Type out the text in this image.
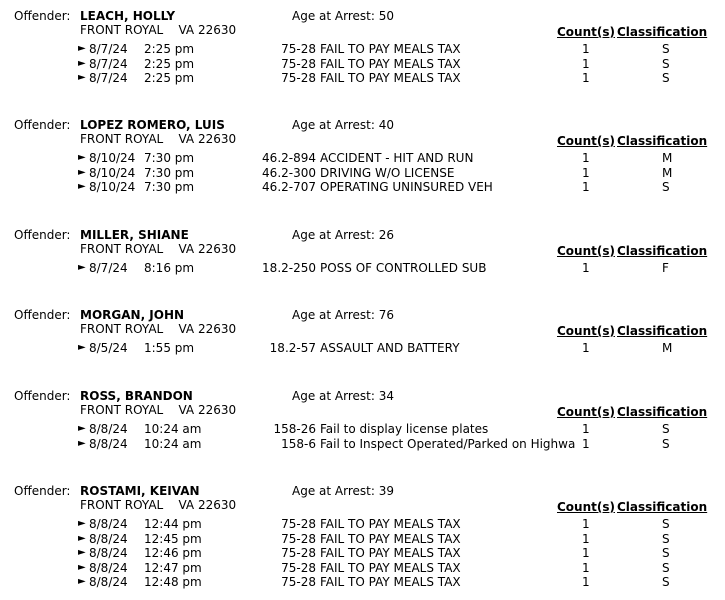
Offender: LEACH, HOLLY	Age at Arrest: 50
FRONT ROYAL    VA 22630	Count(s) Classification
► 8/7/24 2:25 pm	75-28 FAIL TO PAY MEALS TAX	1	S
► 8/7/24 2:25 pm	75-28 FAIL TO PAY MEALS TAX	1	S
► 8/7/24 2:25 pm	75-28 FAIL TO PAY MEALS TAX	1	S
Offender: LOPEZ ROMERO, LUIS	Age at Arrest: 40
FRONT ROYAL    VA 22630	Count(s) Classification
► 8/10/24 7:30 pm	46.2-894 ACCIDENT - HIT AND RUN	1	M
► 8/10/24 7:30 pm	46.2-300 DRIVING W/O LICENSE	1	M
► 8/10/24 7:30 pm	46.2-707 OPERATING UNINSURED VEH	1	S
Offender: MILLER, SHIANE	Age at Arrest: 26
FRONT ROYAL    VA 22630	Count(s) Classification
► 8/7/24 8:16 pm	18.2-250 POSS OF CONTROLLED SUB	1	F
Offender: MORGAN, JOHN	Age at Arrest: 76
FRONT ROYAL    VA 22630	Count(s) Classification
► 8/5/24 1:55 pm	18.2-57 ASSAULT AND BATTERY	1	M
Offender: ROSS, BRANDON	Age at Arrest: 34
FRONT ROYAL    VA 22630	Count(s) Classification
► 8/8/24 10:24 am	158-26 Fail to display license plates	1	S
► 8/8/24 10:24 am	158-6 Fail to Inspect Operated/Parked on Highwa 1	S
Offender: ROSTAMI, KEIVAN	Age at Arrest: 39
FRONT ROYAL    VA 22630	Count(s) Classification
► 8/8/24 12:44 pm	75-28 FAIL TO PAY MEALS TAX	1	S
► 8/8/24 12:45 pm	75-28 FAIL TO PAY MEALS TAX	1	S
► 8/8/24 12:46 pm	75-28 FAIL TO PAY MEALS TAX	1	S
► 8/8/24 12:47 pm	75-28 FAIL TO PAY MEALS TAX	1	S
► 8/8/24 12:48 pm	75-28 FAIL TO PAY MEALS TAX	1	S
